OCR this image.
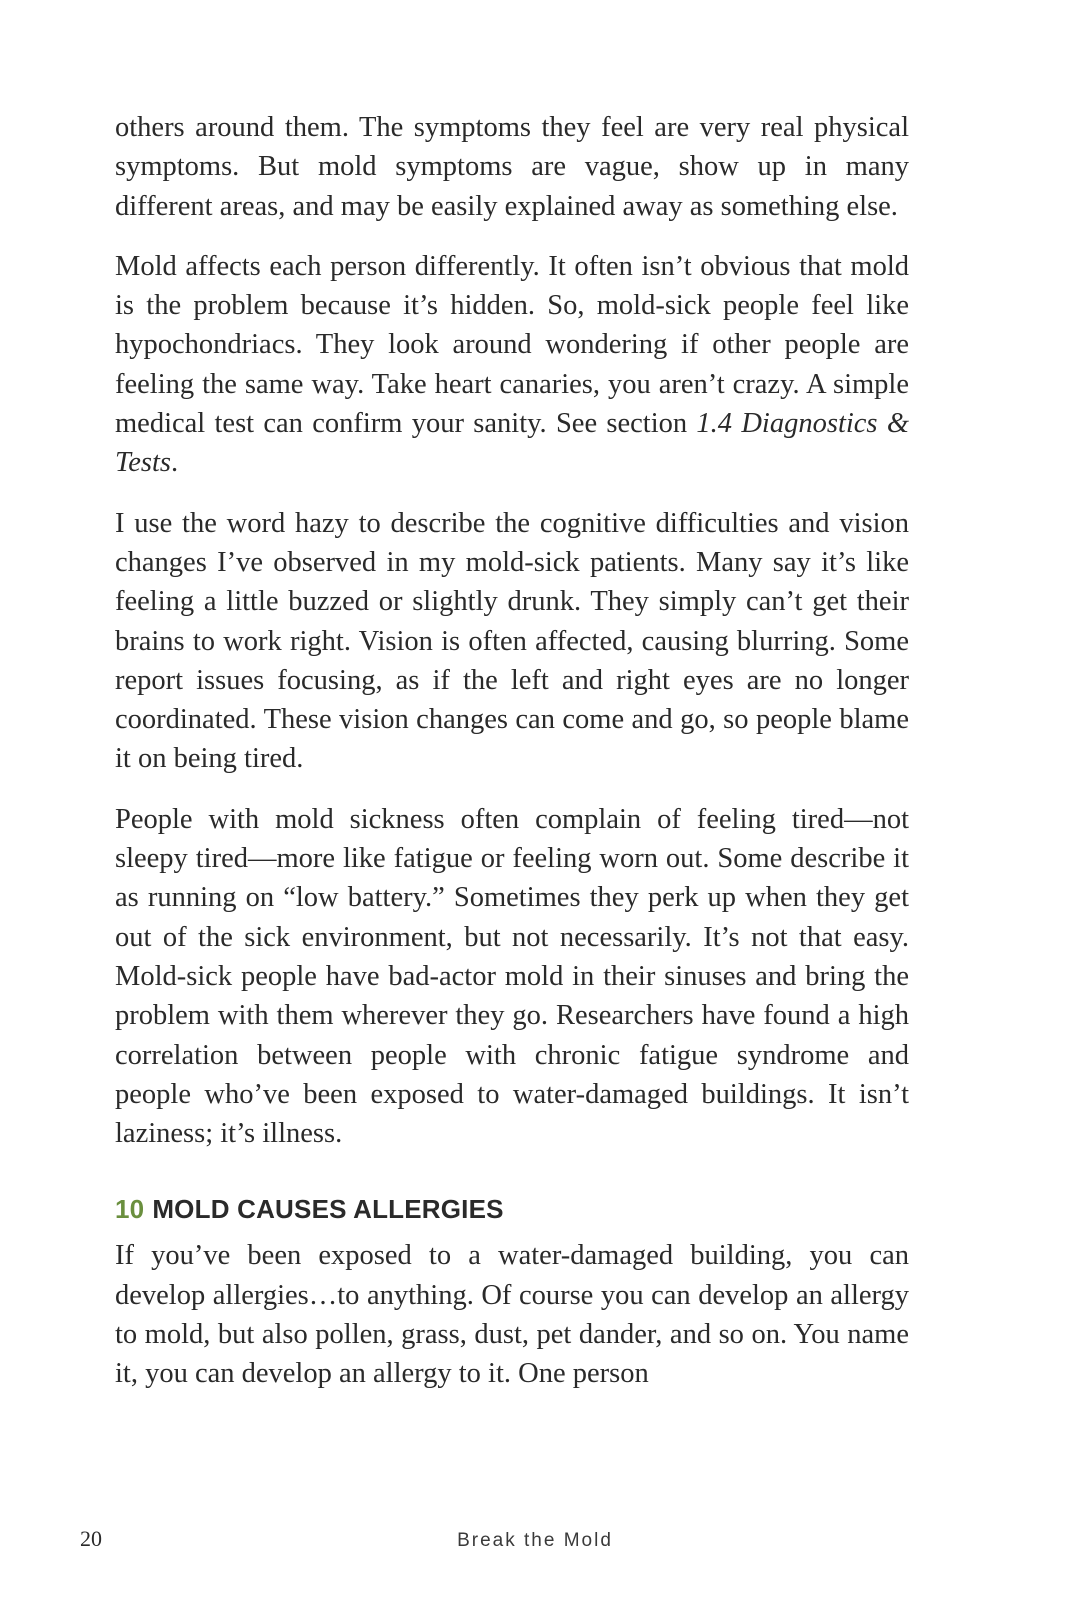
others around them. The symptoms they feel are very real physical symptoms. But mold symptoms are vague, show up in many different areas, and may be easily explained away as something else.

Mold affects each person differently. It often isn’t obvious that mold is the problem because it’s hidden. So, mold-sick people feel like hypochondriacs. They look around wondering if other people are feeling the same way. Take heart canaries, you aren’t crazy. A simple medical test can confirm your sanity. See section 1.4 Diagnostics & Tests.

I use the word hazy to describe the cognitive difficulties and vision changes I’ve observed in my mold-sick patients. Many say it’s like feeling a little buzzed or slightly drunk. They simply can’t get their brains to work right. Vision is often affected, causing blurring. Some report issues focusing, as if the left and right eyes are no longer coordinated. These vision changes can come and go, so people blame it on being tired.

People with mold sickness often complain of feeling tired—not sleepy tired—more like fatigue or feeling worn out. Some describe it as running on “low battery.” Sometimes they perk up when they get out of the sick environment, but not necessarily. It’s not that easy. Mold-sick people have bad-actor mold in their sinuses and bring the problem with them wherever they go. Researchers have found a high correlation between people with chronic fatigue syndrome and people who’ve been exposed to water-damaged buildings. It isn’t laziness; it’s illness.

10 MOLD CAUSES ALLERGIES

If you’ve been exposed to a water-damaged building, you can develop allergies…to anything. Of course you can develop an allergy to mold, but also pollen, grass, dust, pet dander, and so on. You name it, you can develop an allergy to it. One person

20	Break the Mold
